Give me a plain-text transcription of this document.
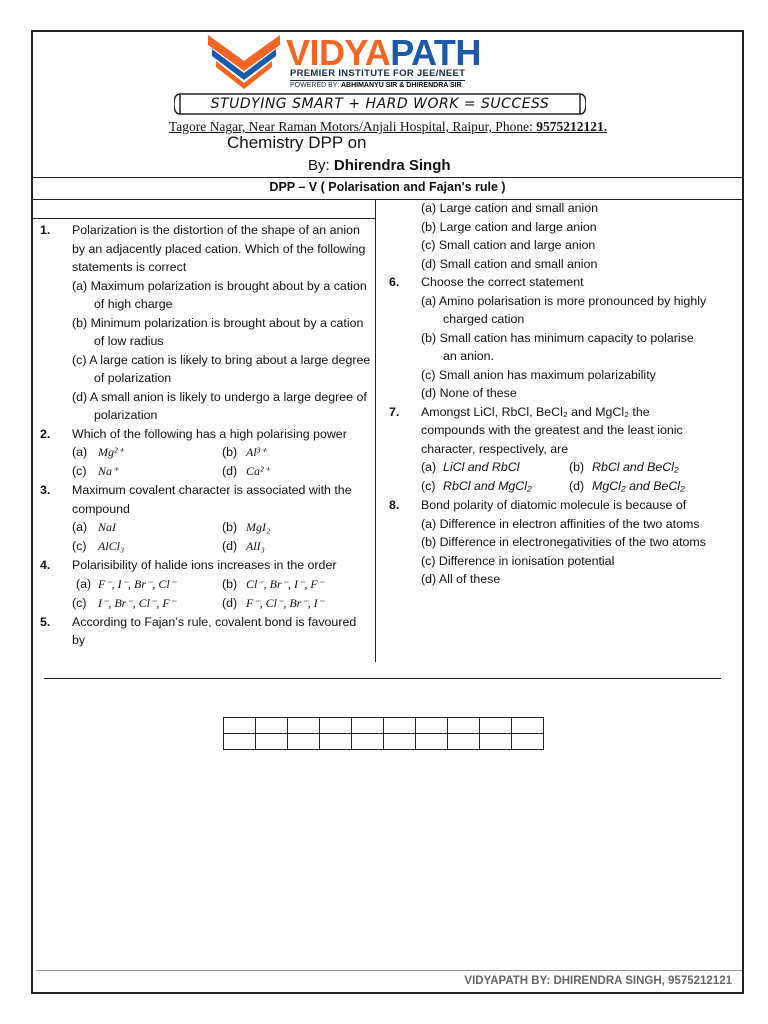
VIDYAPATH
PREMIER INSTITUTE FOR JEE/NEET
POWERED BY: ABHIMANYU SIR & DHIRENDRA SIR
STUDYING SMART + HARD WORK = SUCCESS
Tagore Nagar, Near Raman Motors/Anjali Hospital, Raipur, Phone: 9575212121.
Chemistry DPP on
By: Dhirendra Singh
DPP – V ( Polarisation and Fajan's rule )
1. Polarization is the distortion of the shape of an anion by an adjacently placed cation. Which of the following statements is correct
(a) Maximum polarization is brought about by a cation of high charge
(b) Minimum polarization is brought about by a cation of low radius
(c) A large cation is likely to bring about a large degree of polarization
(d) A small anion is likely to undergo a large degree of polarization
2. Which of the following has a high polarising power
(a) Mg²⁺	(b) Al³⁺
(c) Na⁺	(d) Ca²⁺
3. Maximum covalent character is associated with the compound
(a) NaI	(b) MgI₂
(c) AlCl₃	(d) AlI₃
4. Polarisibility of halide ions increases in the order
(a) F⁻, I⁻, Br⁻, Cl⁻	(b) Cl⁻, Br⁻, I⁻, F⁻
(c) I⁻, Br⁻, Cl⁻, F⁻	(d) F⁻, Cl⁻, Br⁻, I⁻
5. According to Fajan’s rule, covalent bond is favoured by
(a) Large cation and small anion
(b) Large cation and large anion
(c) Small cation and large anion
(d) Small cation and small anion
6. Choose the correct statement
(a) Amino polarisation is more pronounced by highly charged cation
(b) Small cation has minimum capacity to polarise an anion.
(c) Small anion has maximum polarizability
(d) None of these
7. Amongst LiCl, RbCl, BeCl₂ and MgCl₂ the compounds with the greatest and the least ionic character, respectively, are
(a) LiCl and RbCl	(b) RbCl and BeCl₂
(c) RbCl and MgCl₂	(d) MgCl₂ and BeCl₂
8. Bond polarity of diatomic molecule is because of
(a) Difference in electron affinities of the two atoms
(b) Difference in electronegativities of the two atoms
(c) Difference in ionisation potential
(d) All of these

VIDYAPATH BY: DHIRENDRA SINGH, 9575212121
